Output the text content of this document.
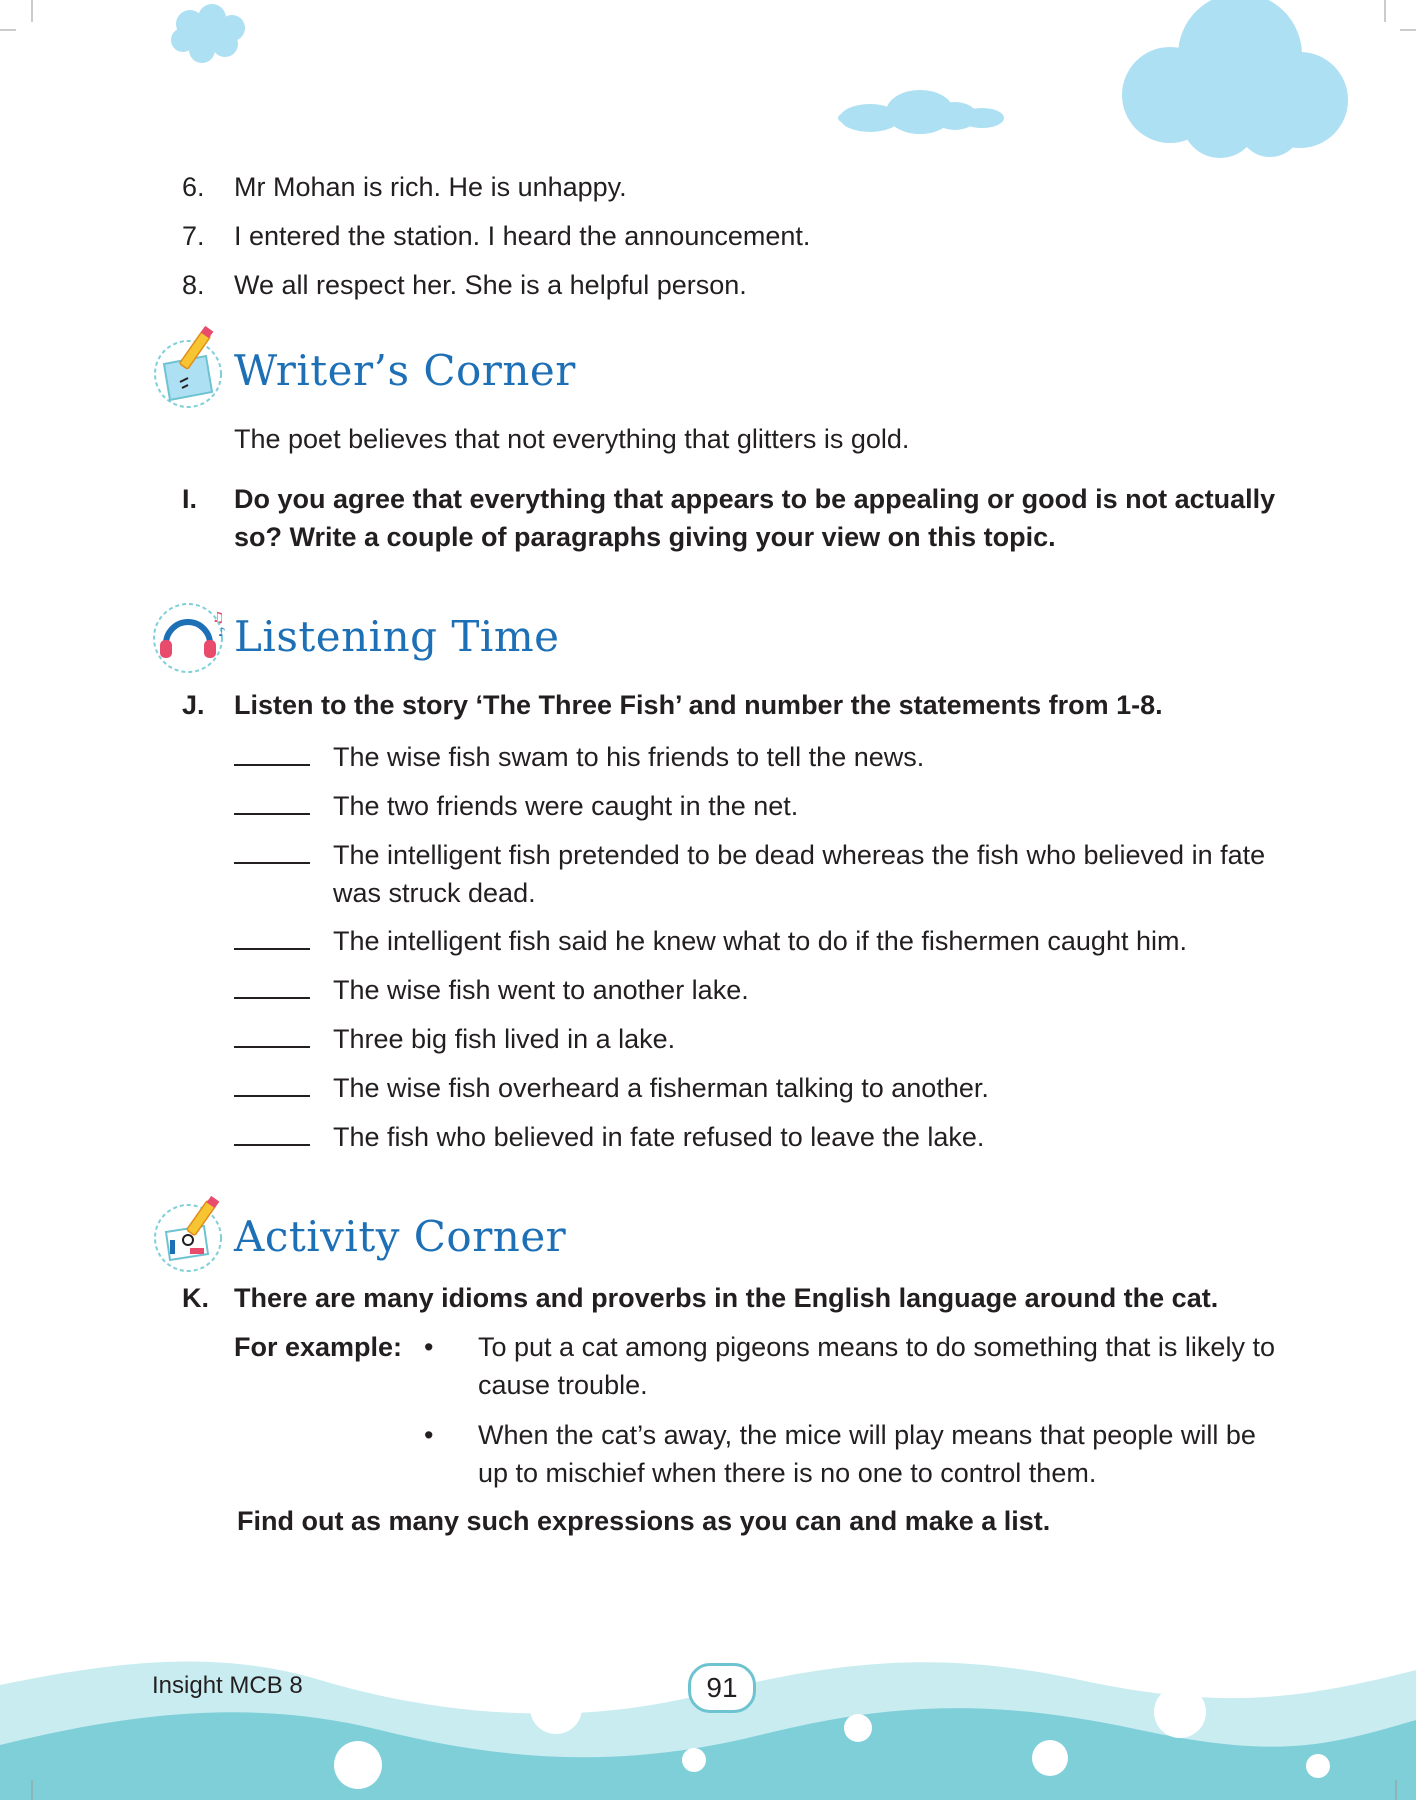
6. Mr Mohan is rich. He is unhappy.
7. I entered the station. I heard the announcement.
8. We all respect her. She is a helpful person.
Writer’s Corner
The poet believes that not everything that glitters is gold.
I. Do you agree that everything that appears to be appealing or good is not actually
so? Write a couple of paragraphs giving your view on this topic.
♫
♪ Listening Time
J. Listen to the story ‘The Three Fish’ and number the statements from 1-8.
The wise fish swam to his friends to tell the news.
The two friends were caught in the net.
The intelligent fish pretended to be dead whereas the fish who believed in fate was struck dead.
The intelligent fish said he knew what to do if the fishermen caught him.
The wise fish went to another lake.
Three big fish lived in a lake.
The wise fish overheard a fisherman talking to another.
The fish who believed in fate refused to leave the lake.
Activity Corner
K. There are many idioms and proverbs in the English language around the cat.
For example: • To put a cat among pigeons means to do something that is likely to cause trouble.
• When the cat’s away, the mice will play means that people will be up to mischief when there is no one to control them.
Find out as many such expressions as you can and make a list.
Insight MCB 8	91
